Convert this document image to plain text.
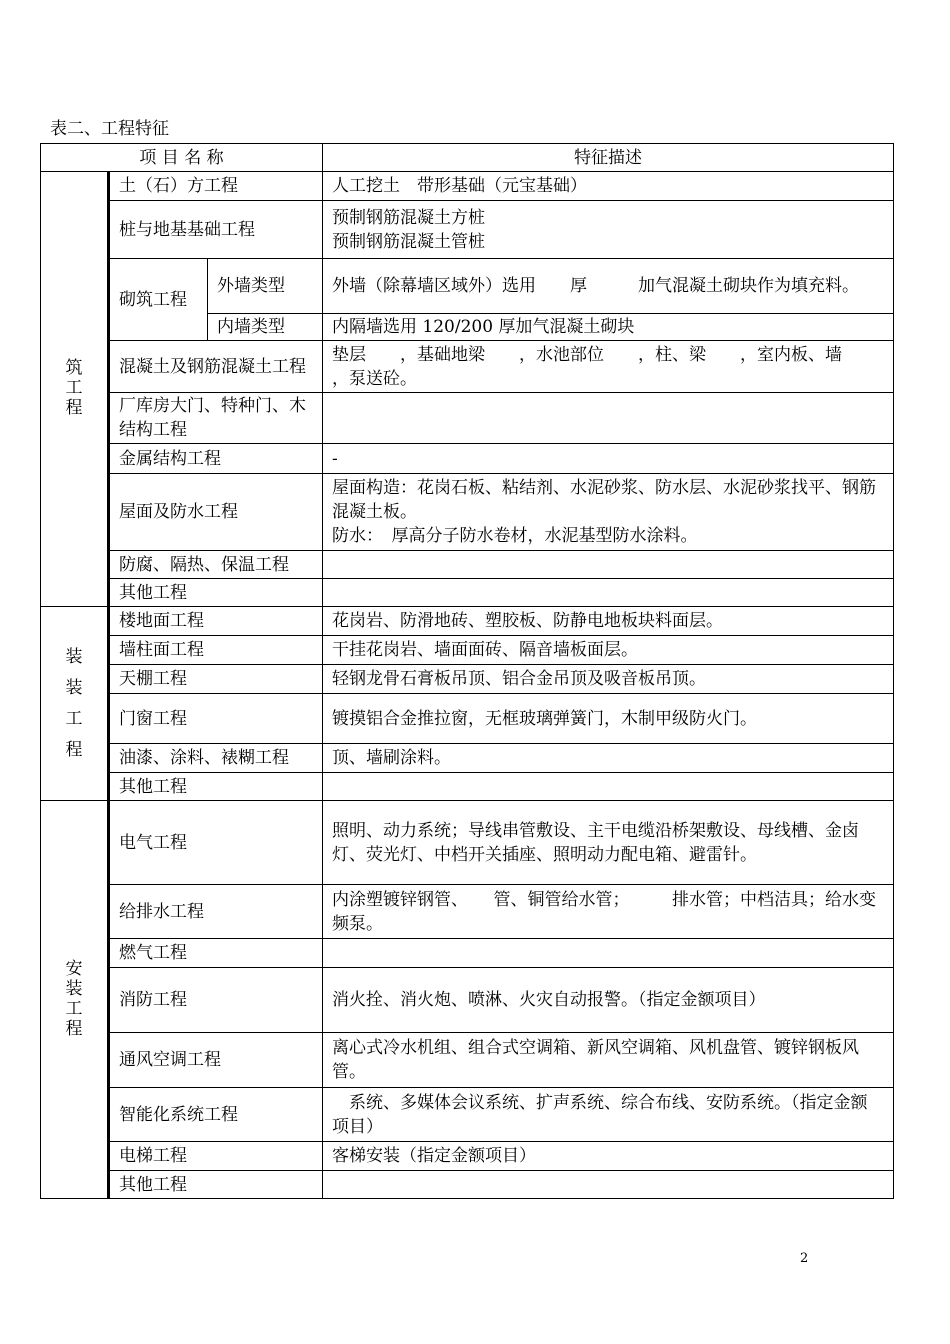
表二、工程特征
项 目 名 称			特征描述
筑工程	土（石）方工程		人工挖土　带形基础（元宝基础）
	桩与地基基础工程		预制钢筋混凝土方桩
预制钢筋混凝土管桩

	砌筑工程	外墙类型	外墙（除幕墙区域外）选用　　厚　　　加气混凝土砌块作为填充料。
		内墙类型	内隔墙选用 120/200 厚加气混凝土砌块
	混凝土及钢筋混凝土工程		垫层　　，基础地梁　　，水池部位　　，柱、梁　　，室内板、墙　　，泵送砼。
	厂库房大门、特种门、木结构工程		
	金属结构工程		-
	屋面及防水工程		屋面构造：花岗石板、粘结剂、水泥砂浆、防水层、水泥砂浆找平、钢筋混凝土板。
防水：　厚高分子防水卷材，水泥基型防水涂料。

	防腐、隔热、保温工程		
	其他工程		
装装工程	楼地面工程		花岗岩、防滑地砖、塑胶板、防静电地板块料面层。
	墙柱面工程		干挂花岗岩、墙面面砖、隔音墙板面层。
	天棚工程		轻钢龙骨石膏板吊顶、铝合金吊顶及吸音板吊顶。
	门窗工程		镀摸铝合金推拉窗，无框玻璃弹簧门，木制甲级防火门。
	油漆、涂料、裱糊工程		顶、墙刷涂料。
	其他工程		
安装工程	电气工程		照明、动力系统；导线串管敷设、主干电缆沿桥架敷设、母线槽、金卤灯、荧光灯、中档开关插座、照明动力配电箱、避雷针。
	给排水工程		内涂塑镀锌钢管、　　管、铜管给水管；　　　排水管；中档洁具；给水变频泵。
	燃气工程		
	消防工程		消火拴、消火炮、喷淋、火灾自动报警。（指定金额项目）
	通风空调工程		离心式冷水机组、组合式空调箱、新风空调箱、风机盘管、镀锌钢板风管。
	智能化系统工程		　系统、多媒体会议系统、扩声系统、综合布线、安防系统。（指定金额项目）
	电梯工程		客梯安装（指定金额项目）
	其他工程		
2
